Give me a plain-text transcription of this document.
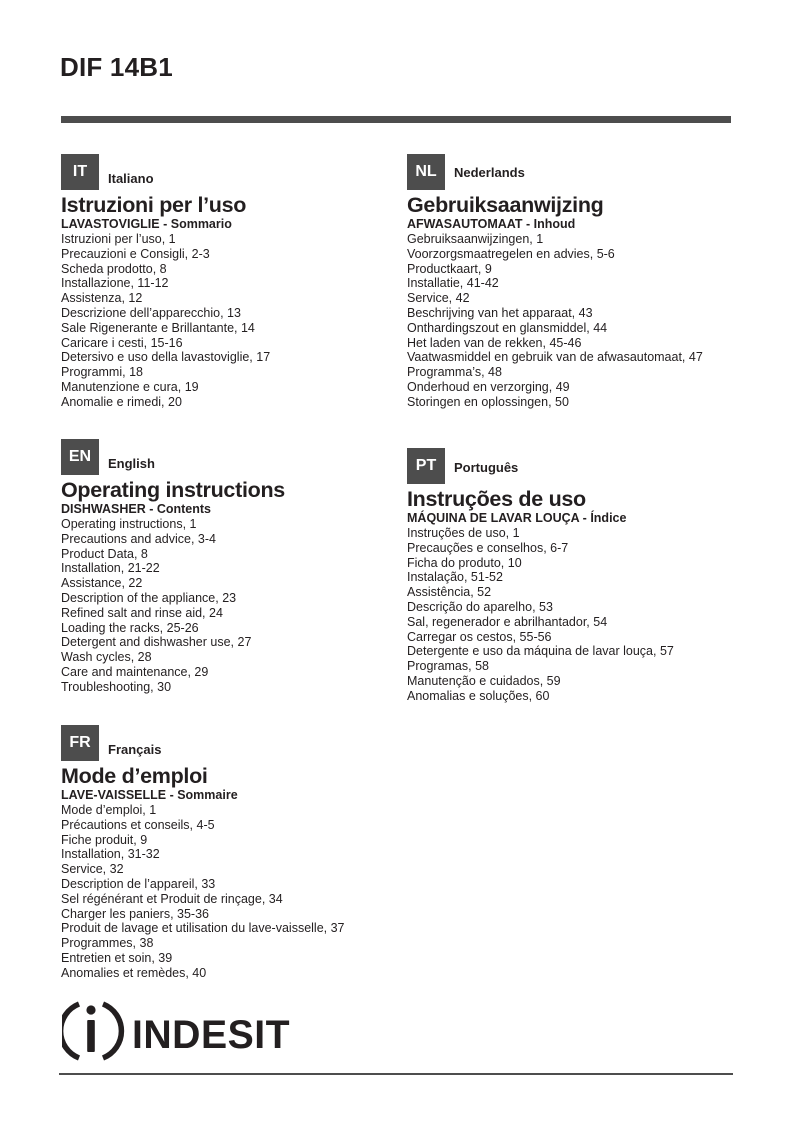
DIF 14B1
IT	Italiano
Istruzioni per l’uso
LAVASTOVIGLIE - Sommario
Istruzioni per l’uso, 1
Precauzioni e Consigli, 2-3
Scheda prodotto, 8
Installazione, 11-12
Assistenza, 12
Descrizione dell’apparecchio, 13
Sale Rigenerante e Brillantante, 14
Caricare i cesti, 15-16
Detersivo e uso della lavastoviglie, 17
Programmi, 18
Manutenzione e cura, 19
Anomalie e rimedi, 20
EN	English
Operating instructions
DISHWASHER - Contents
Operating instructions, 1
Precautions and advice, 3-4
Product Data, 8
Installation, 21-22
Assistance, 22
Description of the appliance, 23
Refined salt and rinse aid, 24
Loading the racks, 25-26
Detergent and dishwasher use, 27
Wash cycles, 28
Care and maintenance, 29
Troubleshooting, 30
FR	Français
Mode d’emploi
LAVE-VAISSELLE - Sommaire
Mode d’emploi, 1
Précautions et conseils, 4-5
Fiche produit, 9
Installation, 31-32
Service, 32
Description de l’appareil, 33
Sel régénérant et Produit de rinçage, 34
Charger les paniers, 35-36
Produit de lavage et utilisation du lave-vaisselle, 37
Programmes, 38
Entretien et soin, 39
Anomalies et remèdes, 40
NL	Nederlands
Gebruiksaanwijzing
AFWASAUTOMAAT - Inhoud
Gebruiksaanwijzingen, 1
Voorzorgsmaatregelen en advies, 5-6
Productkaart, 9
Installatie, 41-42
Service, 42
Beschrijving van het apparaat, 43
Onthardingszout en glansmiddel, 44
Het laden van de rekken, 45-46
Vaatwasmiddel en gebruik van de afwasautomaat, 47
Programma’s, 48
Onderhoud en verzorging, 49
Storingen en oplossingen, 50
PT	Português
Instruções de uso
MÁQUINA DE LAVAR LOUÇA - Índice
Instruções de uso, 1
Precauções e conselhos, 6-7
Ficha do produto, 10
Instalação, 51-52
Assistência, 52
Descrição do aparelho, 53
Sal, regenerador e abrilhantador, 54
Carregar os cestos, 55-56
Detergente e uso da máquina de lavar louça, 57
Programas, 58
Manutenção e cuidados, 59
Anomalias e soluções, 60
INDESIT
